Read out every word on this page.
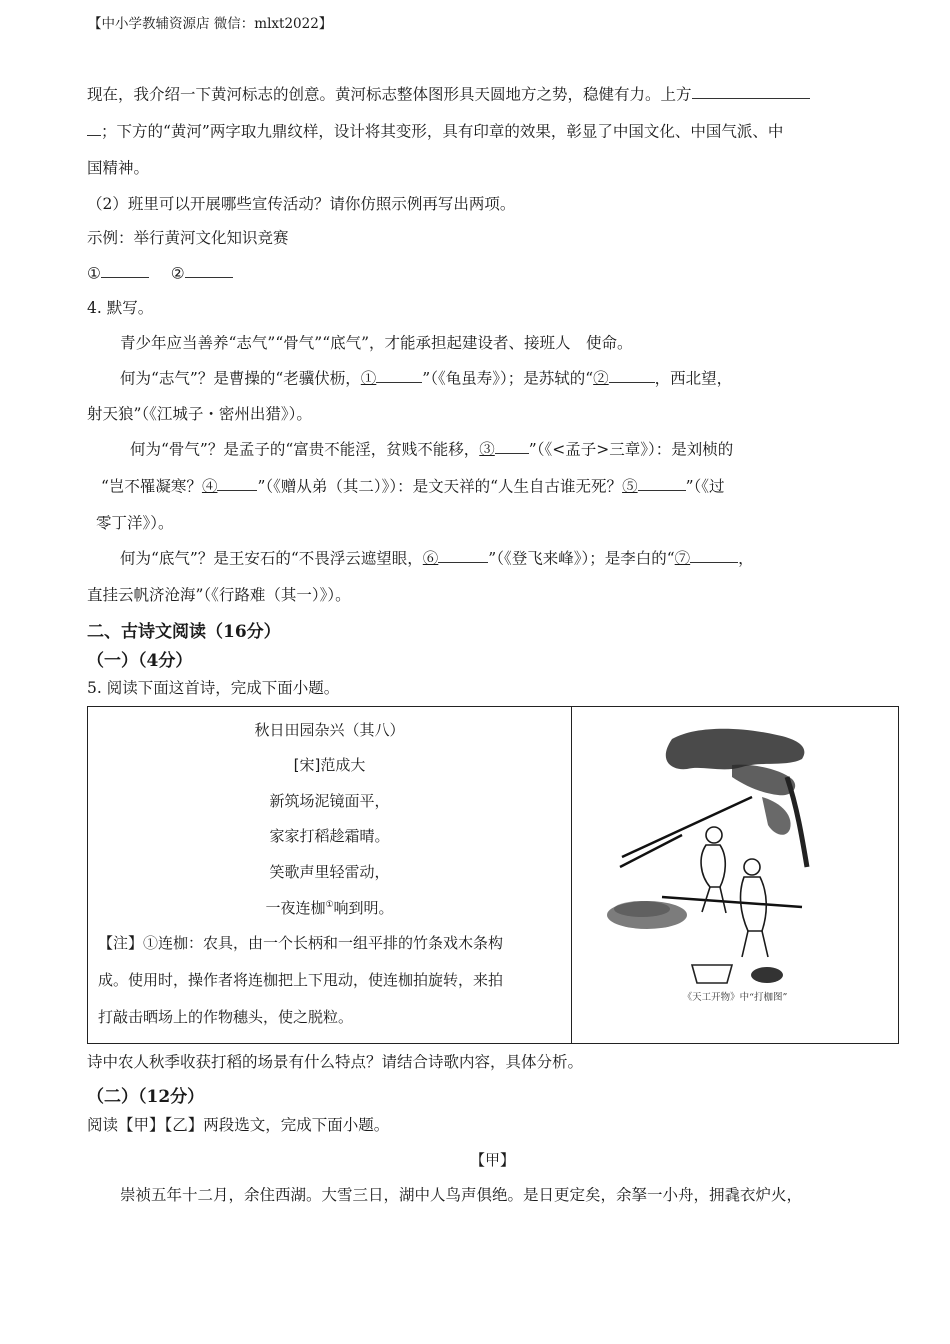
【中小学教辅资源店 微信：mlxt2022】
现在，我介绍一下黄河标志的创意。黄河标志整体图形具天圆地方之势，稳健有力。上方
；下方的“黄河”两字取九鼎纹样，设计将其变形，具有印章的效果，彰显了中国文化、中国气派、中
国精神。
（2）班里可以开展哪些宣传活动？请你仿照示例再写出两项。
示例：举行黄河文化知识竞赛
①	②
4. 默写。
青少年应当善养“志气”“骨气”“底气”，才能承担起建设者、接班人　使命。
何为“志气”？是曹操的“老骥伏枥，①	”（《龟虽寿》）；是苏轼的“②	，西北望，
射天狼”（《江城子・密州出猎》）。
何为“骨气”？是孟子的“富贵不能淫，贫贱不能移，③ ”（《<孟子>三章》）：是刘桢的
“岂不罹凝寒？④	”（《赠从弟（其二）》）：是文天祥的“人生自古谁无死？⑤	”（《过
零丁洋》）。
何为“底气”？是王安石的“不畏浮云遮望眼，⑥	”（《登飞来峰》）；是李白的“⑦	，
直挂云帆济沧海”（《行路难（其一）》）。
二、古诗文阅读（16分）
（一）（4分）
5. 阅读下面这首诗，完成下面小题。
秋日田园杂兴（其八）
[宋]范成大
新筑场泥镜面平，
家家打稻趁霜晴。
笑歌声里轻雷动，
一夜连枷①响到明。
【注】①连枷：农具，由一个长柄和一组平排的竹条戏木条构
成。使用时，操作者将连枷把上下甩动，使连枷拍旋转，来拍
打敲击晒场上的作物穗头，使之脱粒。

《天工开物》中“打枷图”
诗中农人秋季收获打稻的场景有什么特点？请结合诗歌内容，具体分析。
（二）（12分）
阅读【甲】【乙】两段选文，完成下面小题。
【甲】
崇祯五年十二月，余住西湖。大雪三日，湖中人鸟声俱绝。是日更定矣，余拏一小舟，拥毳衣炉火，
